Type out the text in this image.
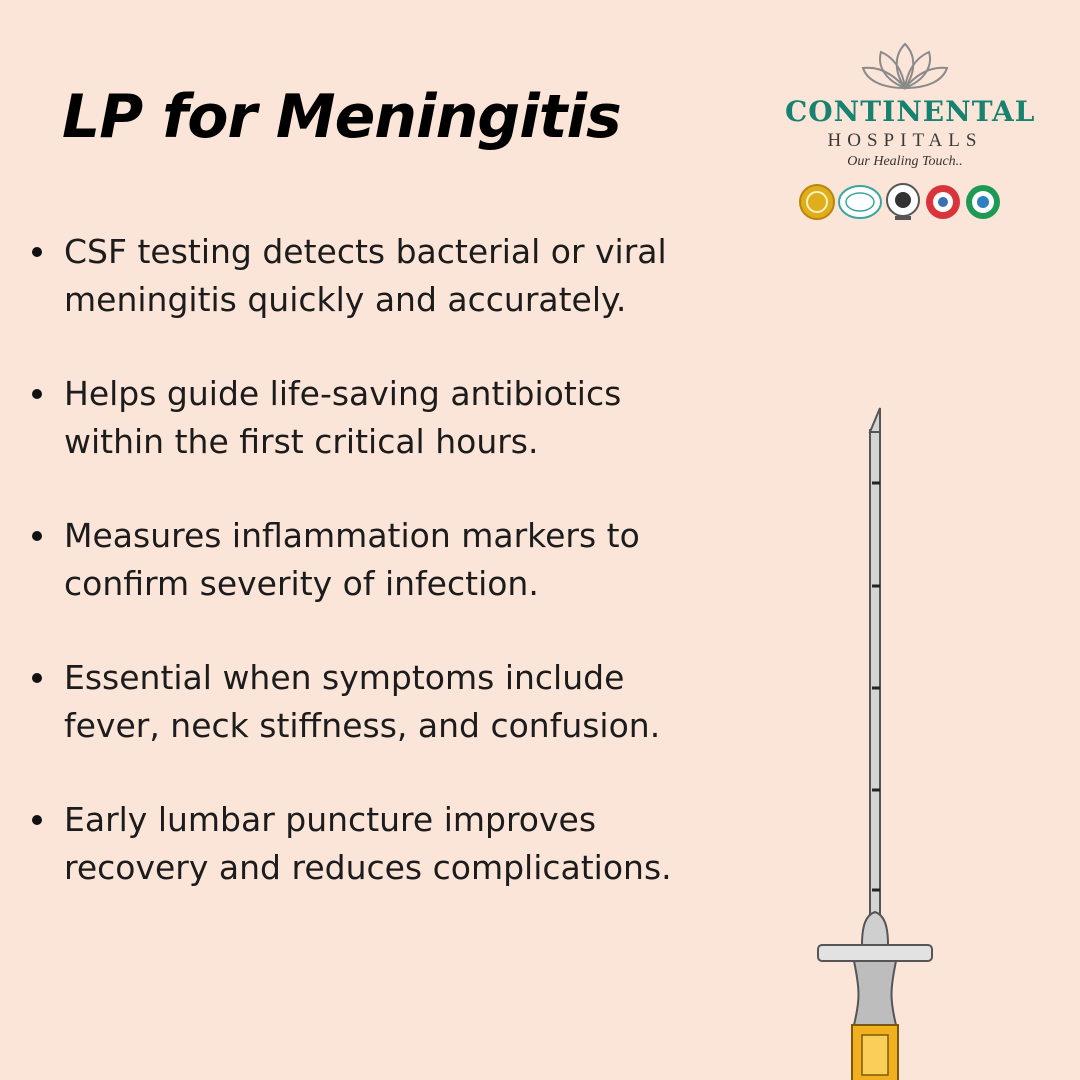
LP for Meningitis
CSF testing detects bacterial or viral meningitis quickly and accurately.
Helps guide life-saving antibiotics within the first critical hours.
Measures inflammation markers to confirm severity of infection.
Essential when symptoms include fever, neck stiffness, and confusion.
Early lumbar puncture improves recovery and reduces complications.
CONTINENTAL
HOSPITALS
Our Healing Touch..
